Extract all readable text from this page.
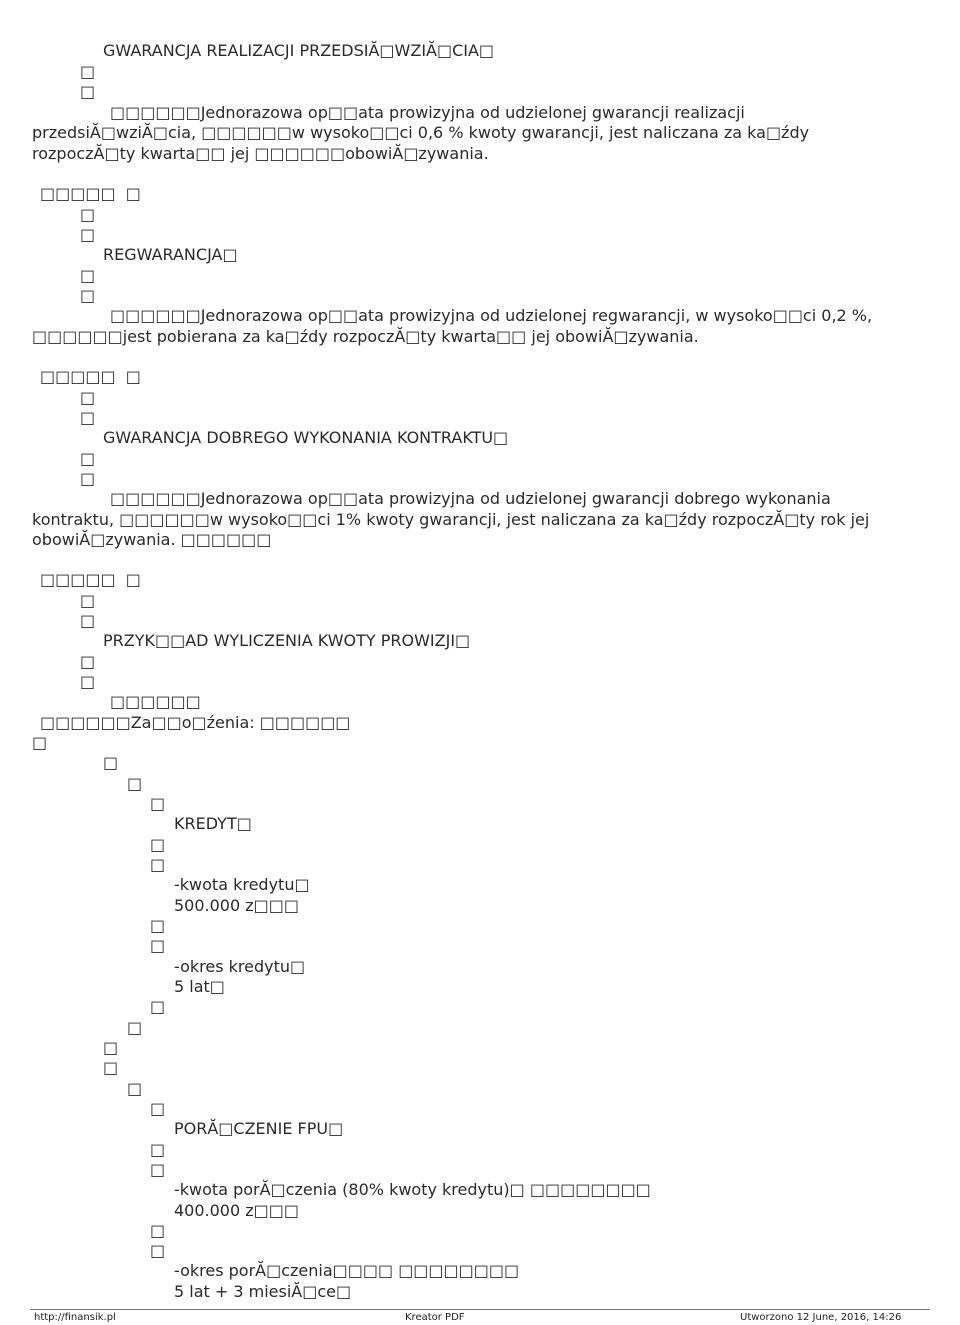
GWARANCJA REALIZACJI PRZEDSIĂ□WZIĂ□CIA□
□
□
□□□□□□Jednorazowa op□□ata prowizyjna od udzielonej gwarancji realizacji
przedsiĂ□wziĂ□cia, □□□□□□w wysoko□□ci 0,6 % kwoty gwarancji, jest naliczana za ka□źdy
rozpoczĂ□ty kwarta□□ jej □□□□□□obowiĂ□zywania.
□□□□□  □
□
□
REGWARANCJA□
□
□
□□□□□□Jednorazowa op□□ata prowizyjna od udzielonej regwarancji, w wysoko□□ci 0,2 %,
□□□□□□jest pobierana za ka□źdy rozpoczĂ□ty kwarta□□ jej obowiĂ□zywania.
□□□□□  □
□
□
GWARANCJA DOBREGO WYKONANIA KONTRAKTU□
□
□
□□□□□□Jednorazowa op□□ata prowizyjna od udzielonej gwarancji dobrego wykonania
kontraktu, □□□□□□w wysoko□□ci 1% kwoty gwarancji, jest naliczana za ka□źdy rozpoczĂ□ty rok jej
obowiĂ□zywania. □□□□□□
□□□□□  □
□
□
PRZYK□□AD WYLICZENIA KWOTY PROWIZJI□
□
□
□□□□□□
□□□□□□Za□□o□źenia: □□□□□□
□
□
□
□
KREDYT□
□
□
-kwota kredytu□
500.000 z□□□
□
□
-okres kredytu□
5 lat□
□
□
□
□
□
□
PORĂ□CZENIE FPU□
□
□
-kwota porĂ□czenia (80% kwoty kredytu)□ □□□□□□□□
400.000 z□□□
□
□
-okres porĂ□czenia□□□□ □□□□□□□□
5 lat + 3 miesiĂ□ce□
http://finansik.pl	Kreator PDF	Utworzono 12 June, 2016, 14:26
